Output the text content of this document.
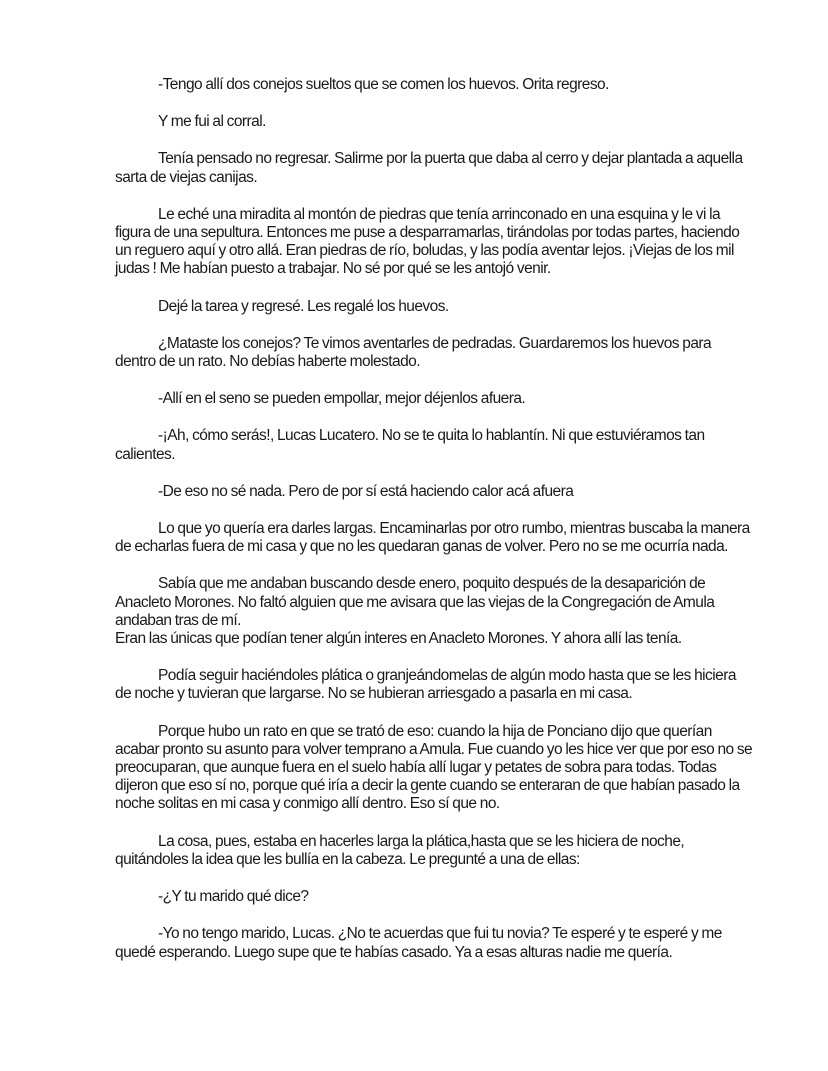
-Tengo allí dos conejos sueltos que se comen los huevos. Orita regreso.

Y me fui al corral.

Tenía pensado no regresar. Salirme por la puerta que daba al cerro y dejar plantada a aquella sarta de viejas canijas.

Le eché una miradita al montón de piedras que tenía arrinconado en una esquina y le vi la figura de una sepultura. Entonces me puse a desparramarlas, tirándolas por todas partes, haciendo un reguero aquí y otro allá. Eran piedras de río, boludas, y las podía aventar lejos. ¡Viejas de los mil judas ! Me habían puesto a trabajar. No sé por qué se les antojó venir.

Dejé la tarea y regresé. Les regalé los huevos.

¿Mataste los conejos? Te vimos aventarles de pedradas. Guardaremos los huevos para dentro de un rato. No debías haberte molestado.

-Allí en el seno se pueden empollar, mejor déjenlos afuera.

-¡Ah, cómo serás!, Lucas Lucatero. No se te quita lo hablantín. Ni que estuviéramos tan calientes.

-De eso no sé nada. Pero de por sí está haciendo calor acá afuera

Lo que yo quería era darles largas. Encaminarlas por otro rumbo, mientras buscaba la manera de echarlas fuera de mi casa y que no les quedaran ganas de volver. Pero no se me ocurría nada.

Sabía que me andaban buscando desde enero, poquito después de la desaparición de Anacleto Morones. No faltó alguien que me avisara que las viejas de la Congregación de Amula andaban tras de mí.

Eran las únicas que podían tener algún interes en Anacleto Morones. Y ahora allí las tenía.

Podía seguir haciéndoles plática o granjeándomelas de algún modo hasta que se les hiciera de noche y tuvieran que largarse. No se hubieran arriesgado a pasarla en mi casa.

Porque hubo un rato en que se trató de eso: cuando la hija de Ponciano dijo que querían acabar pronto su asunto para volver temprano a Amula. Fue cuando yo les hice ver que por eso no se preocuparan, que aunque fuera en el suelo había allí lugar y petates de sobra para todas. Todas dijeron que eso sí no, porque qué iría a decir la gente cuando se enteraran de que habían pasado la noche solitas en mi casa y conmigo allí dentro. Eso sí que no.

La cosa, pues, estaba en hacerles larga la plática,hasta que se les hiciera de noche, quitándoles la idea que les bullía en la cabeza. Le pregunté a una de ellas:

-¿Y tu marido qué dice?

-Yo no tengo marido, Lucas. ¿No te acuerdas que fui tu novia? Te esperé y te esperé y me quedé esperando. Luego supe que te habías casado. Ya a esas alturas nadie me quería.
